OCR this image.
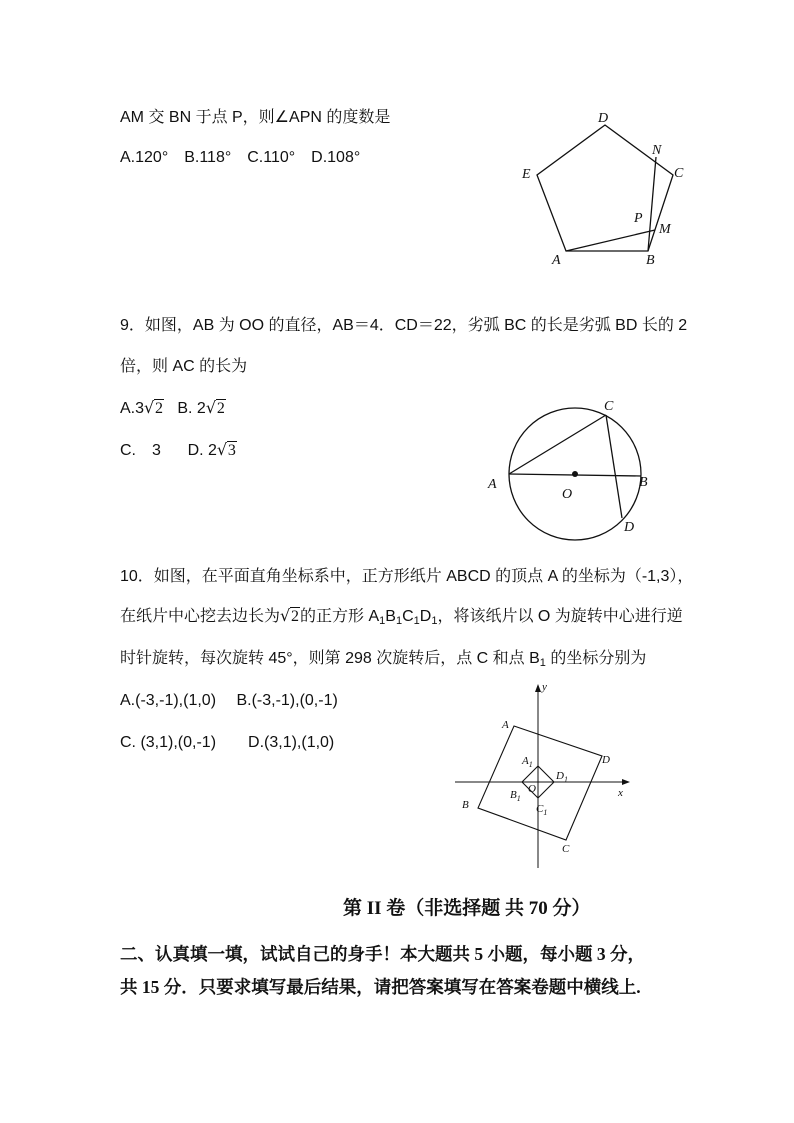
AM 交 BN 于点 P，则∠APN 的度数是
A.120°　B.118°　C.110°　D.108°
D
E
N
C
P
M
A	B
9．如图，AB 为 OO 的直径，AB＝4．CD＝22，劣弧 BC 的长是劣弧 BD 长的 2
倍，则 AC 的长为
A.3 √ 2 B. 2 √ 2
C.　3 D. 2 √ 3
C
A	B
O
D
10．如图，在平面直角坐标系中，正方形纸片 ABCD 的顶点 A 的坐标为（-1,3），
在纸片中心挖去边长为 √ 2的正方形 $A_1B_1C_1D_1$，将该纸片以 O 为旋转中心进行逆
时针旋转，每次旋转 45°，则第 298 次旋转后，点 C 和点 $B_1$ 的坐标分别为
A.(-3,-1),(1,0)　 B.(-3,-1),(0,-1)
C. (3,1),(0,-1)　　D.(3,1),(1,0)
y
x
A
D
B
C
$A_1$
$D_1$
$B_1$
O
$C_1$
第 II 卷（非选择题 共 70 分）
二、认真填一填，试试自己的身手！本大题共 5 小题，每小题 3 分，
共 15 分．只要求填写最后结果，请把答案填写在答案卷题中横线上.
